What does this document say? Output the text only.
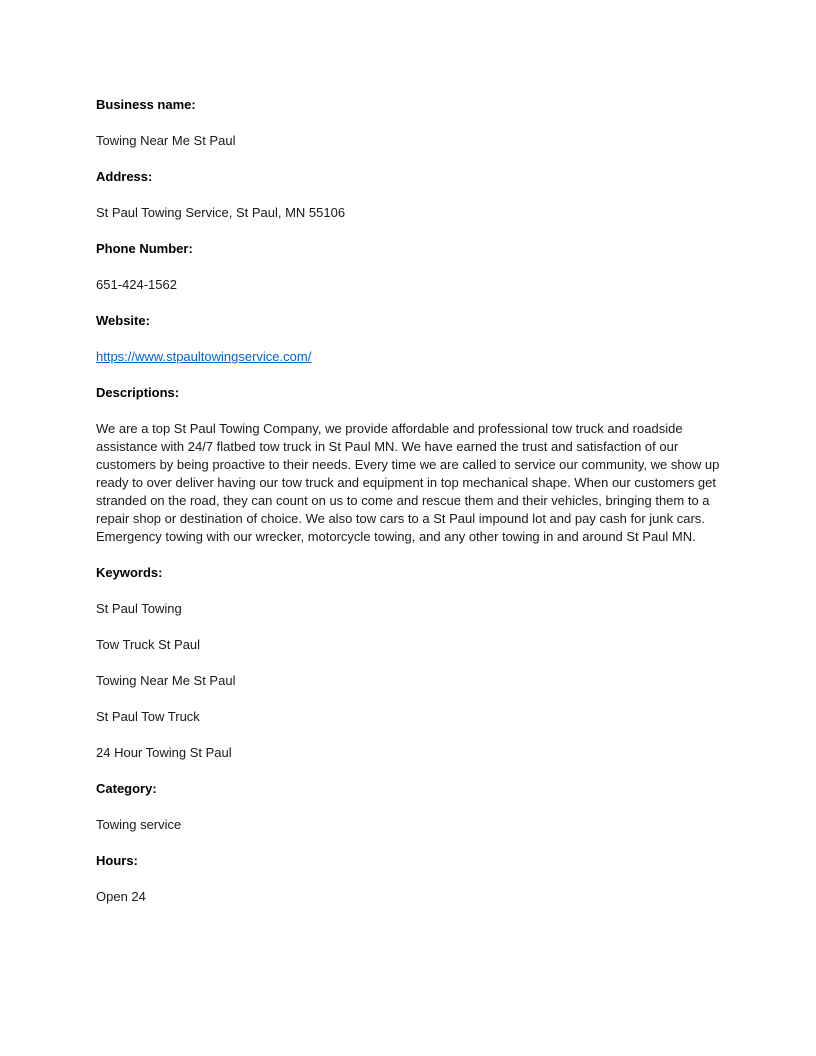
Business name:

Towing Near Me St Paul

Address:

St Paul Towing Service, St Paul, MN 55106

Phone Number:

651-424-1562

Website:

https://www.stpaultowingservice.com/

Descriptions:

We are a top St Paul Towing Company, we provide affordable and professional tow truck and roadside assistance with 24/7 flatbed tow truck in St Paul MN. We have earned the trust and satisfaction of our customers by being proactive to their needs. Every time we are called to service our community, we show up ready to over deliver having our tow truck and equipment in top mechanical shape. When our customers get stranded on the road, they can count on us to come and rescue them and their vehicles, bringing them to a repair shop or destination of choice. We also tow cars to a St Paul impound lot and pay cash for junk cars. Emergency towing with our wrecker, motorcycle towing, and any other towing in and around St Paul MN.

Keywords:

St Paul Towing

Tow Truck St Paul

Towing Near Me St Paul

St Paul Tow Truck

24 Hour Towing St Paul

Category:

Towing service

Hours:

Open 24
